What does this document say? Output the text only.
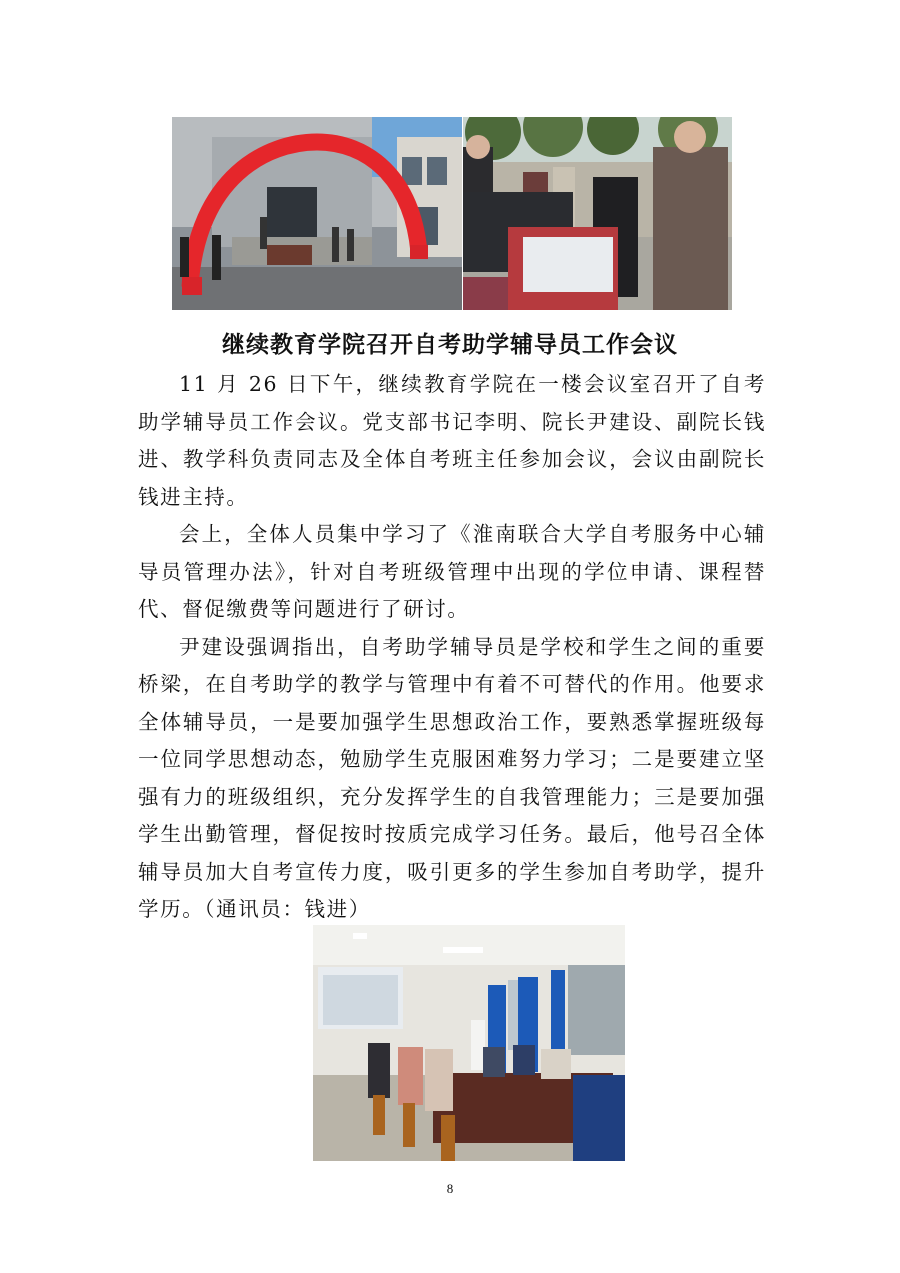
继续教育学院召开自考助学辅导员工作会议

11 月 26 日下午，继续教育学院在一楼会议室召开了自考助学辅导员工作会议。党支部书记李明、院长尹建设、副院长钱进、教学科负责同志及全体自考班主任参加会议，会议由副院长钱进主持。

会上，全体人员集中学习了《淮南联合大学自考服务中心辅导员管理办法》，针对自考班级管理中出现的学位申请、课程替代、督促缴费等问题进行了研讨。

尹建设强调指出，自考助学辅导员是学校和学生之间的重要桥梁，在自考助学的教学与管理中有着不可替代的作用。他要求全体辅导员，一是要加强学生思想政治工作，要熟悉掌握班级每一位同学思想动态，勉励学生克服困难努力学习；二是要建立坚强有力的班级组织，充分发挥学生的自我管理能力；三是要加强学生出勤管理，督促按时按质完成学习任务。最后，他号召全体辅导员加大自考宣传力度，吸引更多的学生参加自考助学，提升学历。（通讯员：钱进）

8
